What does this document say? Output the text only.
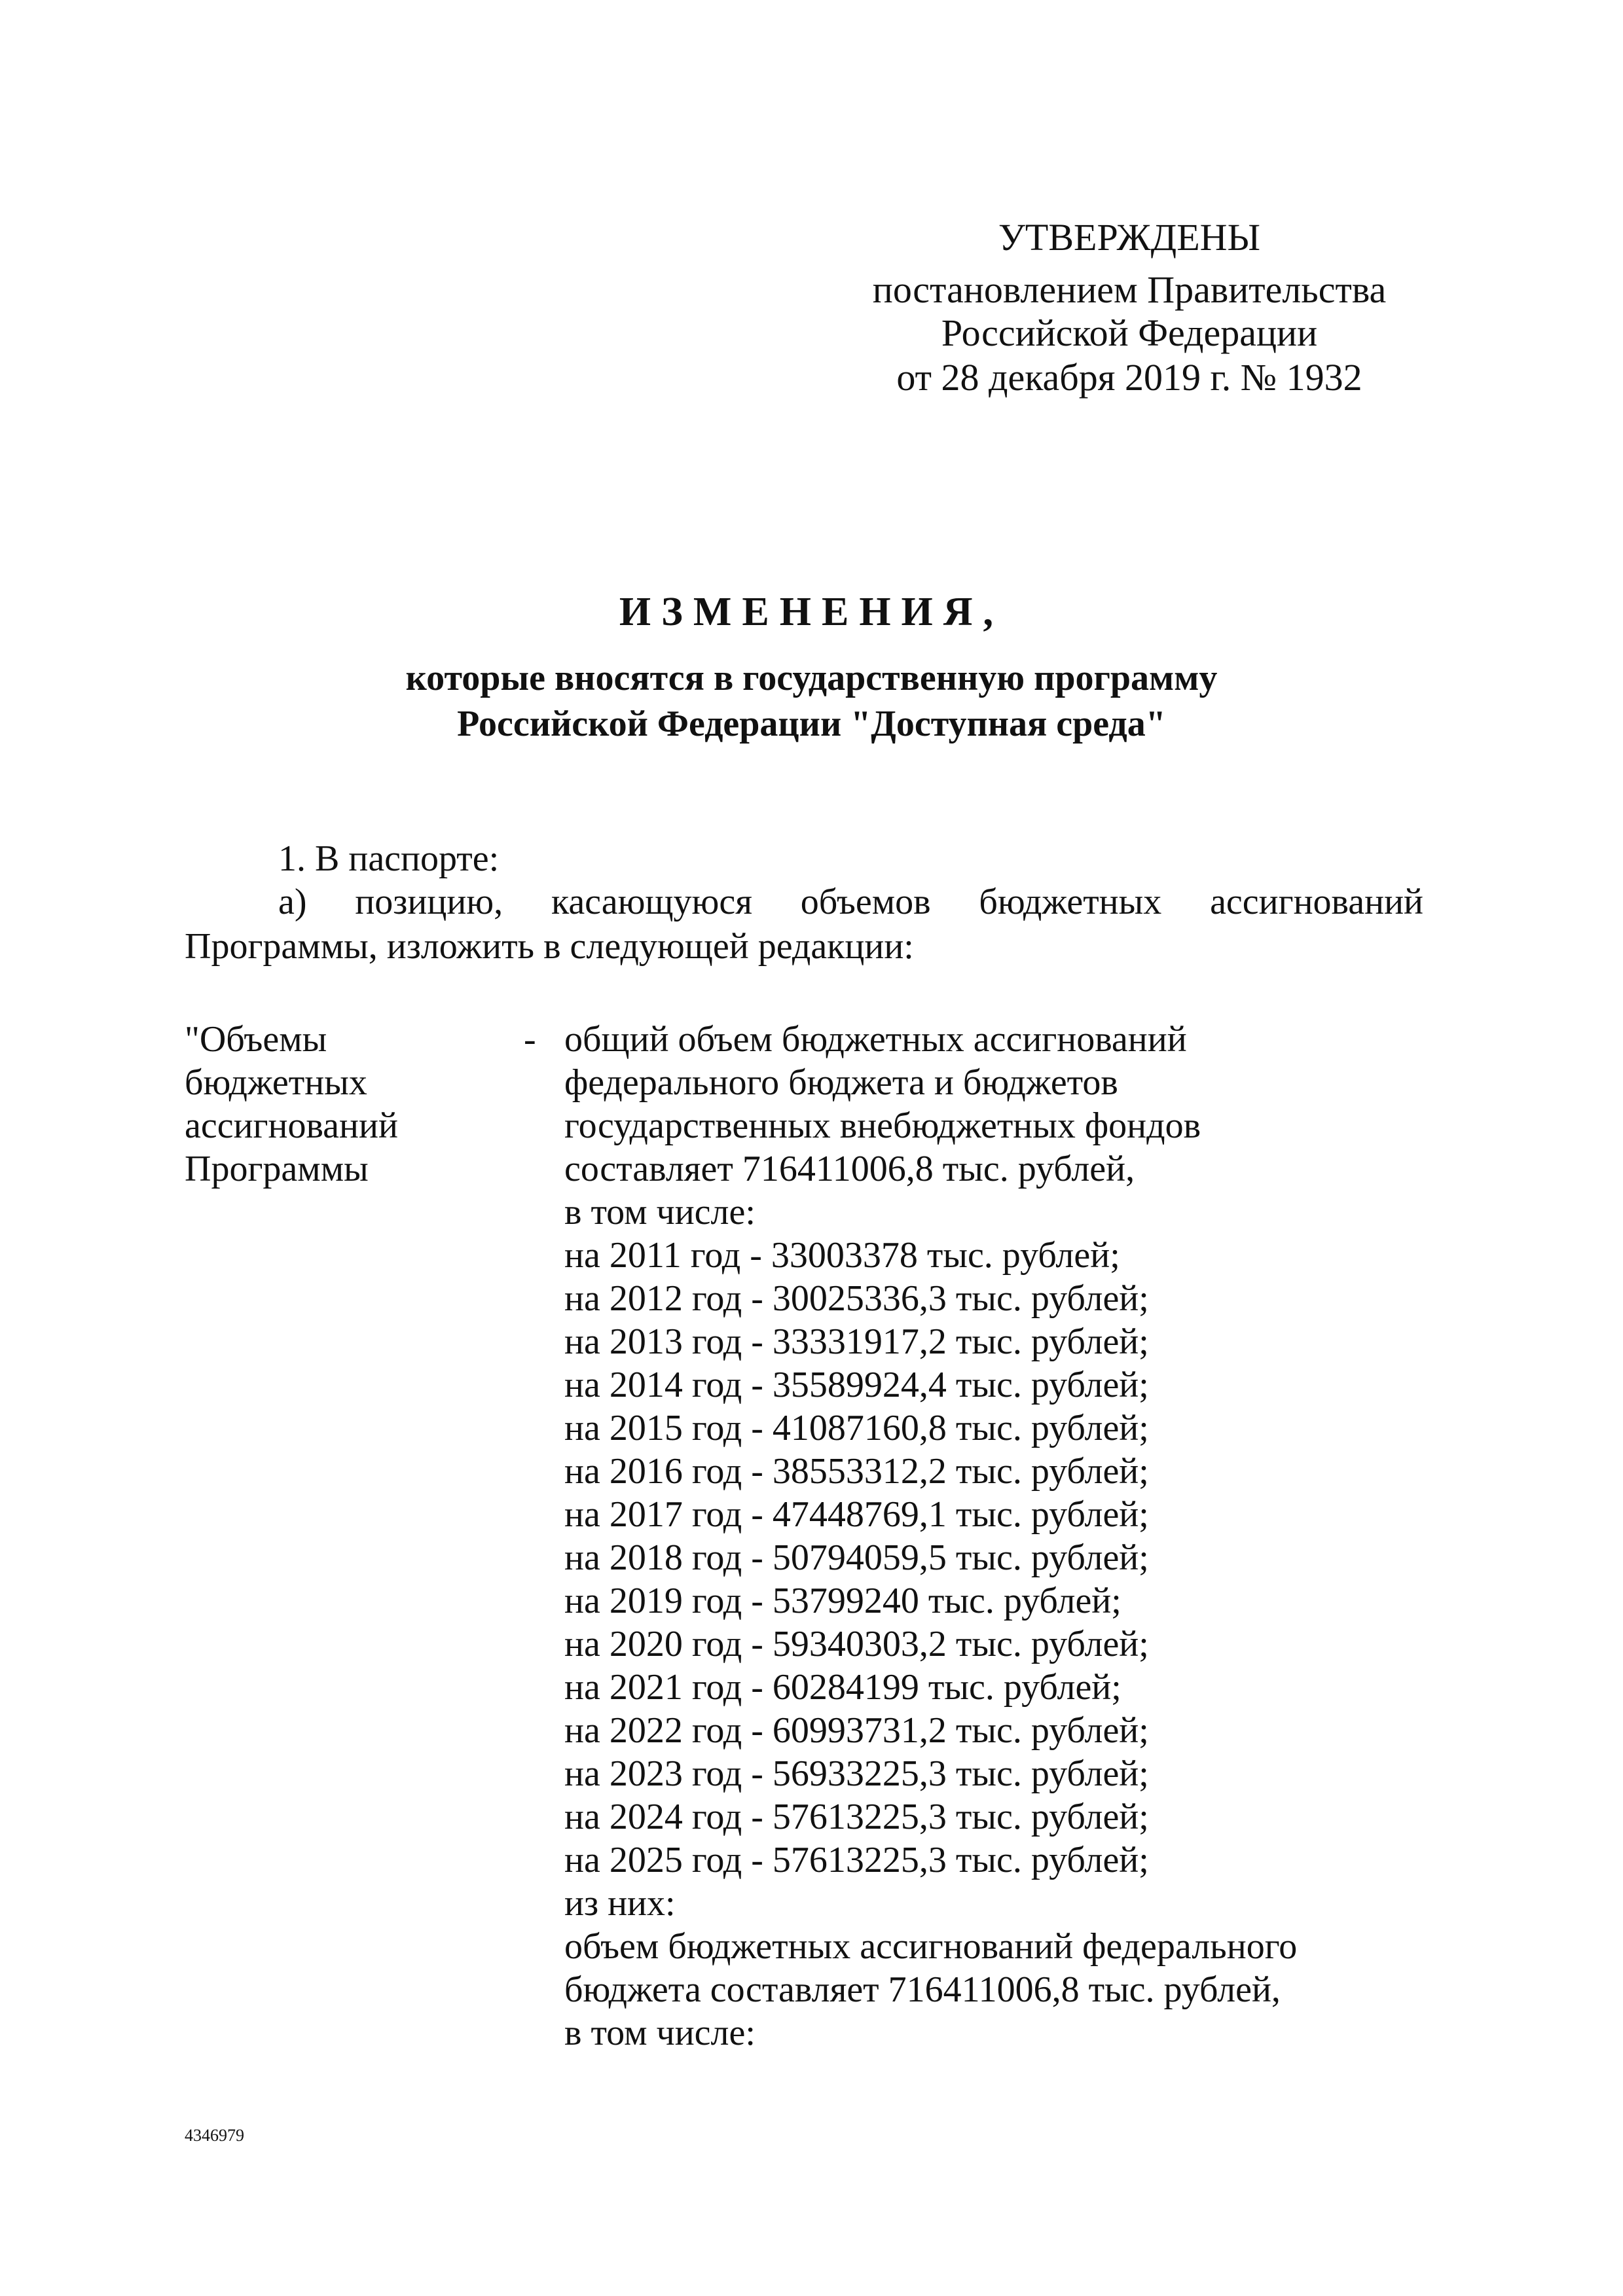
УТВЕРЖДЕНЫ
постановлением Правительства
Российской Федерации
от 28 декабря 2019 г. № 1932
ИЗМЕНЕНИЯ,
которые вносятся в государственную программу
Российской Федерации "Доступная среда"
1. В паспорте:
а) позицию, касающуюся объемов бюджетных ассигнований
Программы, изложить в следующей редакции:
"Объемы
бюджетных
ассигнований
Программы
- общий объем бюджетных ассигнований
федерального бюджета и бюджетов
государственных внебюджетных фондов
составляет 716411006,8 тыс. рублей,
в том числе:
на 2011 год - 33003378 тыс. рублей;
на 2012 год - 30025336,3 тыс. рублей;
на 2013 год - 33331917,2 тыс. рублей;
на 2014 год - 35589924,4 тыс. рублей;
на 2015 год - 41087160,8 тыс. рублей;
на 2016 год - 38553312,2 тыс. рублей;
на 2017 год - 47448769,1 тыс. рублей;
на 2018 год - 50794059,5 тыс. рублей;
на 2019 год - 53799240 тыс. рублей;
на 2020 год - 59340303,2 тыс. рублей;
на 2021 год - 60284199 тыс. рублей;
на 2022 год - 60993731,2 тыс. рублей;
на 2023 год - 56933225,3 тыс. рублей;
на 2024 год - 57613225,3 тыс. рублей;
на 2025 год - 57613225,3 тыс. рублей;
из них:
объем бюджетных ассигнований федерального
бюджета составляет 716411006,8 тыс. рублей,
в том числе:
4346979
